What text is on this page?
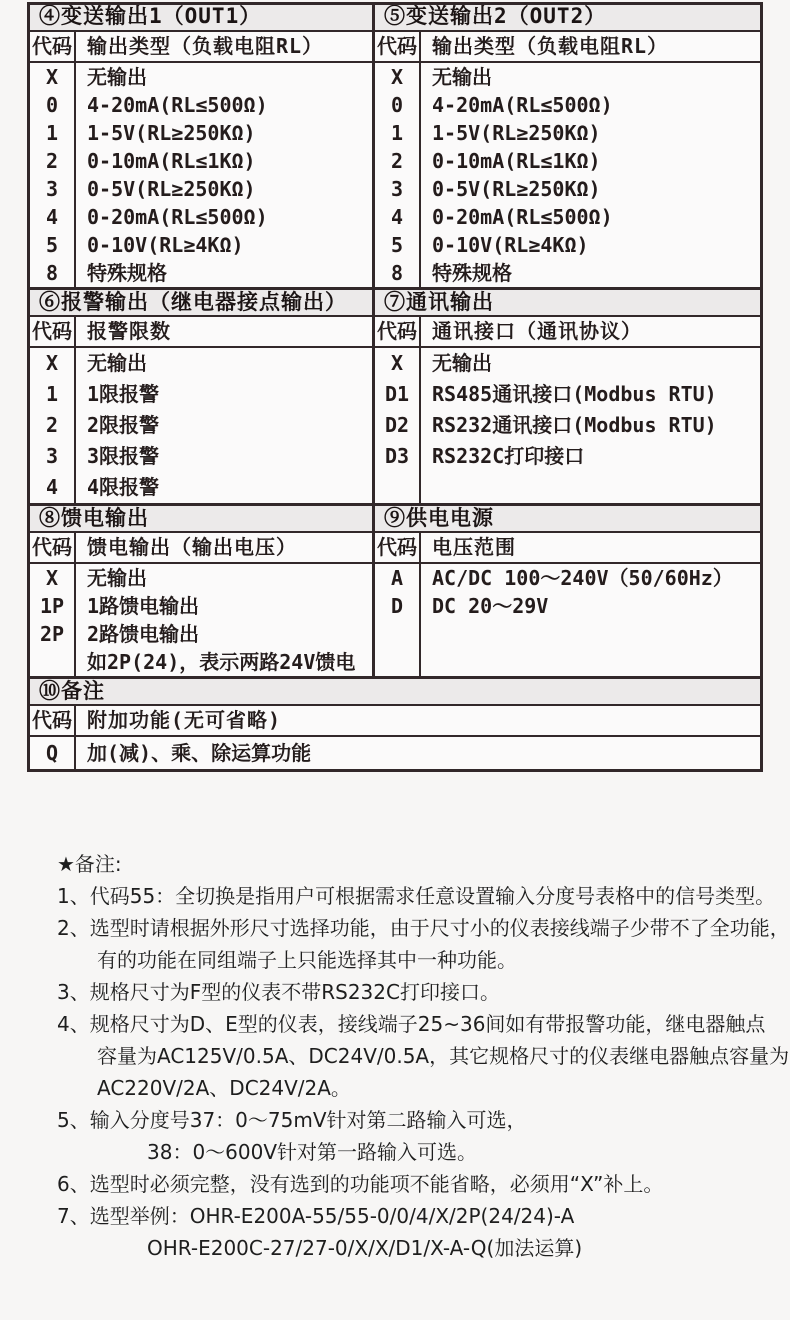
④变送输出1（OUT1）
代码 输出类型（负载电阻RL）
X	无输出
0	4-20mA(RL≤500Ω)
1	1-5V(RL≥250KΩ)
2	0-10mA(RL≤1KΩ)
3	0-5V(RL≥250KΩ)
4	0-20mA(RL≤500Ω)
5	0-10V(RL≥4KΩ)
8	特殊规格
⑤变送输出2（OUT2）
代码 输出类型（负载电阻RL）
X	无输出
0	4-20mA(RL≤500Ω)
1	1-5V(RL≥250KΩ)
2	0-10mA(RL≤1KΩ)
3	0-5V(RL≥250KΩ)
4	0-20mA(RL≤500Ω)
5	0-10V(RL≥4KΩ)
8	特殊规格
⑥报警输出（继电器接点输出）
代码 报警限数
X	无输出
1	1限报警
2	2限报警
3	3限报警
4	4限报警
⑦通讯输出
代码 通讯接口（通讯协议）
X	无输出
D1	RS485通讯接口(Modbus RTU)
D2	RS232通讯接口(Modbus RTU)
D3	RS232C打印接口
⑧馈电输出
代码 馈电输出（输出电压）
X	无输出
1P	1路馈电输出
2P	2路馈电输出
如2P(24)，表示两路24V馈电
⑨供电电源
代码 电压范围
A	AC/DC 100～240V（50/60Hz）
D	DC 20～29V
⑩备注
代码 附加功能(无可省略)
Q	加(减)、乘、除运算功能
★备注:
1、代码55：全切换是指用户可根据需求任意设置输入分度号表格中的信号类型。
2、选型时请根据外形尺寸选择功能，由于尺寸小的仪表接线端子少带不了全功能，
有的功能在同组端子上只能选择其中一种功能。
3、规格尺寸为F型的仪表不带RS232C打印接口。
4、规格尺寸为D、E型的仪表，接线端子25~36间如有带报警功能，继电器触点
容量为AC125V/0.5A、DC24V/0.5A，其它规格尺寸的仪表继电器触点容量为
AC220V/2A、DC24V/2A。
5、输入分度号37：0～75mV针对第二路输入可选，
38：0～600V针对第一路输入可选。
6、选型时必须完整，没有选到的功能项不能省略，必须用“X”补上。
7、选型举例：OHR-E200A-55/55-0/0/4/X/2P(24/24)-A
OHR-E200C-27/27-0/X/X/D1/X-A-Q(加法运算)
